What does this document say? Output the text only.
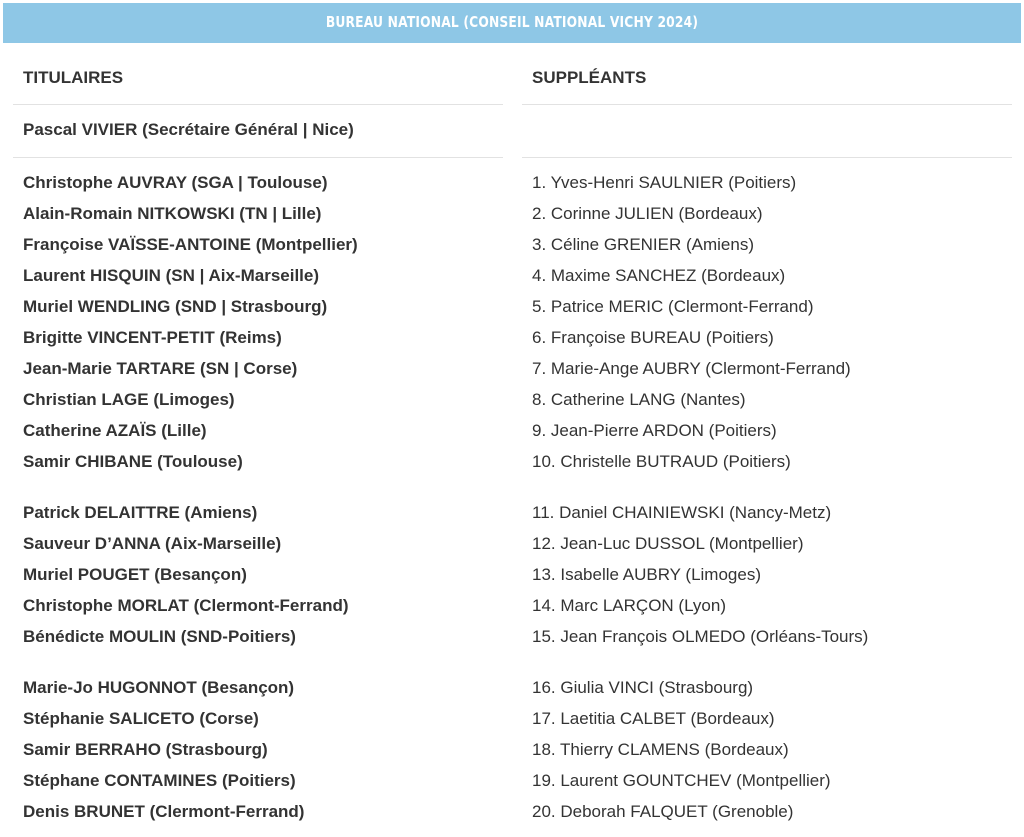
BUREAU NATIONAL (CONSEIL NATIONAL VICHY 2024)
TITULAIRES
Pascal VIVIER (Secrétaire Général | Nice)
Christophe AUVRAY (SGA | Toulouse)
Alain-Romain NITKOWSKI (TN | Lille)
Françoise VAÏSSE-ANTOINE (Montpellier)
Laurent HISQUIN (SN | Aix-Marseille)
Muriel WENDLING (SND | Strasbourg)
Brigitte VINCENT-PETIT (Reims)
Jean-Marie TARTARE (SN | Corse)
Christian LAGE (Limoges)
Catherine AZAÏS (Lille)
Samir CHIBANE (Toulouse)
Patrick DELAITTRE (Amiens)
Sauveur D’ANNA (Aix-Marseille)
Muriel POUGET (Besançon)
Christophe MORLAT (Clermont-Ferrand)
Bénédicte MOULIN (SND-Poitiers)
Marie-Jo HUGONNOT (Besançon)
Stéphanie SALICETO (Corse)
Samir BERRAHO (Strasbourg)
Stéphane CONTAMINES (Poitiers)
Denis BRUNET (Clermont-Ferrand)
SUPPLÉANTS
1. Yves-Henri SAULNIER (Poitiers)
2. Corinne JULIEN (Bordeaux)
3. Céline GRENIER (Amiens)
4. Maxime SANCHEZ (Bordeaux)
5. Patrice MERIC (Clermont-Ferrand)
6. Françoise BUREAU (Poitiers)
7. Marie-Ange AUBRY (Clermont-Ferrand)
8. Catherine LANG (Nantes)
9. Jean-Pierre ARDON (Poitiers)
10. Christelle BUTRAUD (Poitiers)
11. Daniel CHAINIEWSKI (Nancy-Metz)
12. Jean-Luc DUSSOL (Montpellier)
13. Isabelle AUBRY (Limoges)
14. Marc LARÇON (Lyon)
15. Jean François OLMEDO (Orléans-Tours)
16. Giulia VINCI (Strasbourg)
17. Laetitia CALBET (Bordeaux)
18. Thierry CLAMENS (Bordeaux)
19. Laurent GOUNTCHEV (Montpellier)
20. Deborah FALQUET (Grenoble)
